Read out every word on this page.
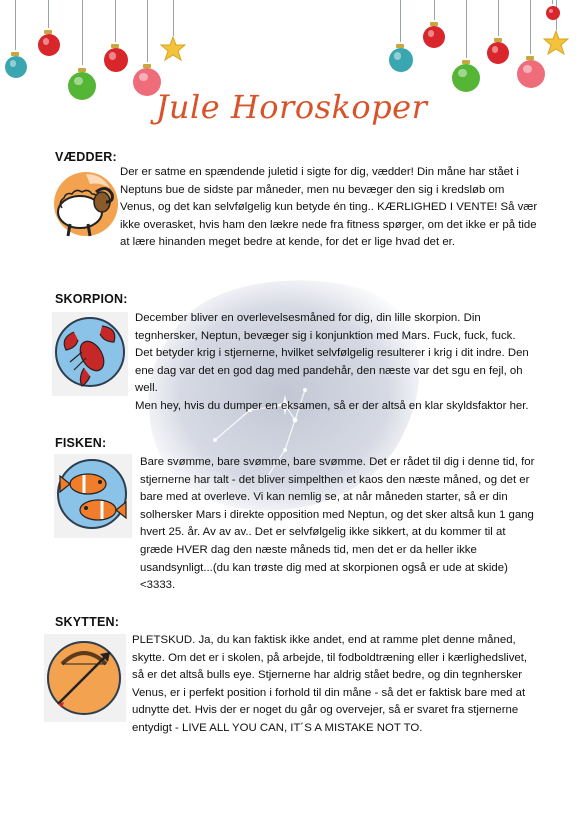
Jule Horoskoper
VÆDDER:

Der er satme en spændende juletid i sigte for dig, vædder! Din måne har stået i Neptuns bue de sidste par måneder, men nu bevæger den sig i kredsløb om Venus, og det kan selvfølgelig kun betyde én ting.. KÆRLIGHED I VENTE! Så vær ikke overasket, hvis ham den lækre nede fra fitness spørger, om det ikke er på tide at lære hinanden meget bedre at kende, for det er lige hvad det er.

SKORPION:

December bliver en overlevelsesmåned for dig, din lille skorpion. Din tegnhersker, Neptun, bevæger sig i konjunktion med Mars. Fuck, fuck, fuck. Det betyder krig i stjernerne, hvilket selvfølgelig resulterer i krig i dit indre. Den ene dag var det en god dag med pandehår, den næste var det sgu en fejl, oh well.

Men hey, hvis du dumper en eksamen, så er der altså en klar skyldsfaktor her.

FISKEN:

Bare svømme, bare svømme, bare svømme. Det er rådet til dig i denne tid, for stjernerne har talt - det bliver simpelthen et kaos den næste måned, og det er bare med at overleve. Vi kan nemlig se, at når måneden starter, så er din solhersker Mars i direkte opposition med Neptun, og det sker altså kun 1 gang hvert 25. år. Av av av.. Det er selvfølgelig ikke sikkert, at du kommer til at græde HVER dag den næste måneds tid, men det er da heller ikke usandsynligt...(du kan trøste dig med at skorpionen også er ude at skide)<3333.

SKYTTEN:

PLETSKUD. Ja, du kan faktisk ikke andet, end at ramme plet denne måned, skytte. Om det er i skolen, på arbejde, til fodboldtræning eller i kærlighedslivet, så er det altså bulls eye. Stjernerne har aldrig stået bedre, og din tegnhersker Venus, er i perfekt position i forhold til din måne - så det er faktisk bare med at udnytte det. Hvis der er noget du går og overvejer, så er svaret fra stjernerne entydigt - LIVE ALL YOU CAN, IT´S A MISTAKE NOT TO.
